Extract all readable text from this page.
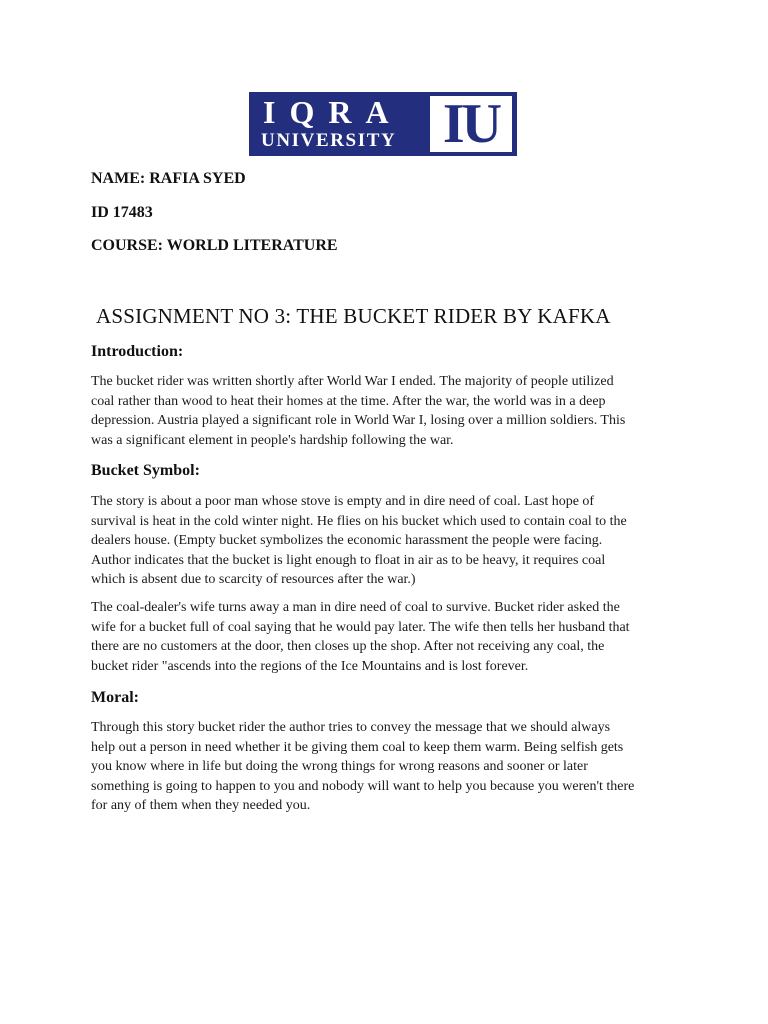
IQRA
UNIVERSITY IU
NAME: RAFIA SYED
ID 17483
COURSE: WORLD LITERATURE
ASSIGNMENT NO 3: THE BUCKET RIDER BY KAFKA
Introduction:

The bucket rider was written shortly after World War I ended. The majority of people utilized
coal rather than wood to heat their homes at the time. After the war, the world was in a deep
depression. Austria played a significant role in World War I, losing over a million soldiers. This
was a significant element in people's hardship following the war.

Bucket Symbol:

The story is about a poor man whose stove is empty and in dire need of coal. Last hope of
survival is heat in the cold winter night. He flies on his bucket which used to contain coal to the
dealers house. (Empty bucket symbolizes the economic harassment the people were facing.
Author indicates that the bucket is light enough to float in air as to be heavy, it requires coal
which is absent due to scarcity of resources after the war.)

The coal-dealer's wife turns away a man in dire need of coal to survive. Bucket rider asked the
wife for a bucket full of coal saying that he would pay later. The wife then tells her husband that
there are no customers at the door, then closes up the shop. After not receiving any coal, the
bucket rider "ascends into the regions of the Ice Mountains and is lost forever.

Moral:

Through this story bucket rider the author tries to convey the message that we should always
help out a person in need whether it be giving them coal to keep them warm. Being selfish gets
you know where in life but doing the wrong things for wrong reasons and sooner or later
something is going to happen to you and nobody will want to help you because you weren't there
for any of them when they needed you.
